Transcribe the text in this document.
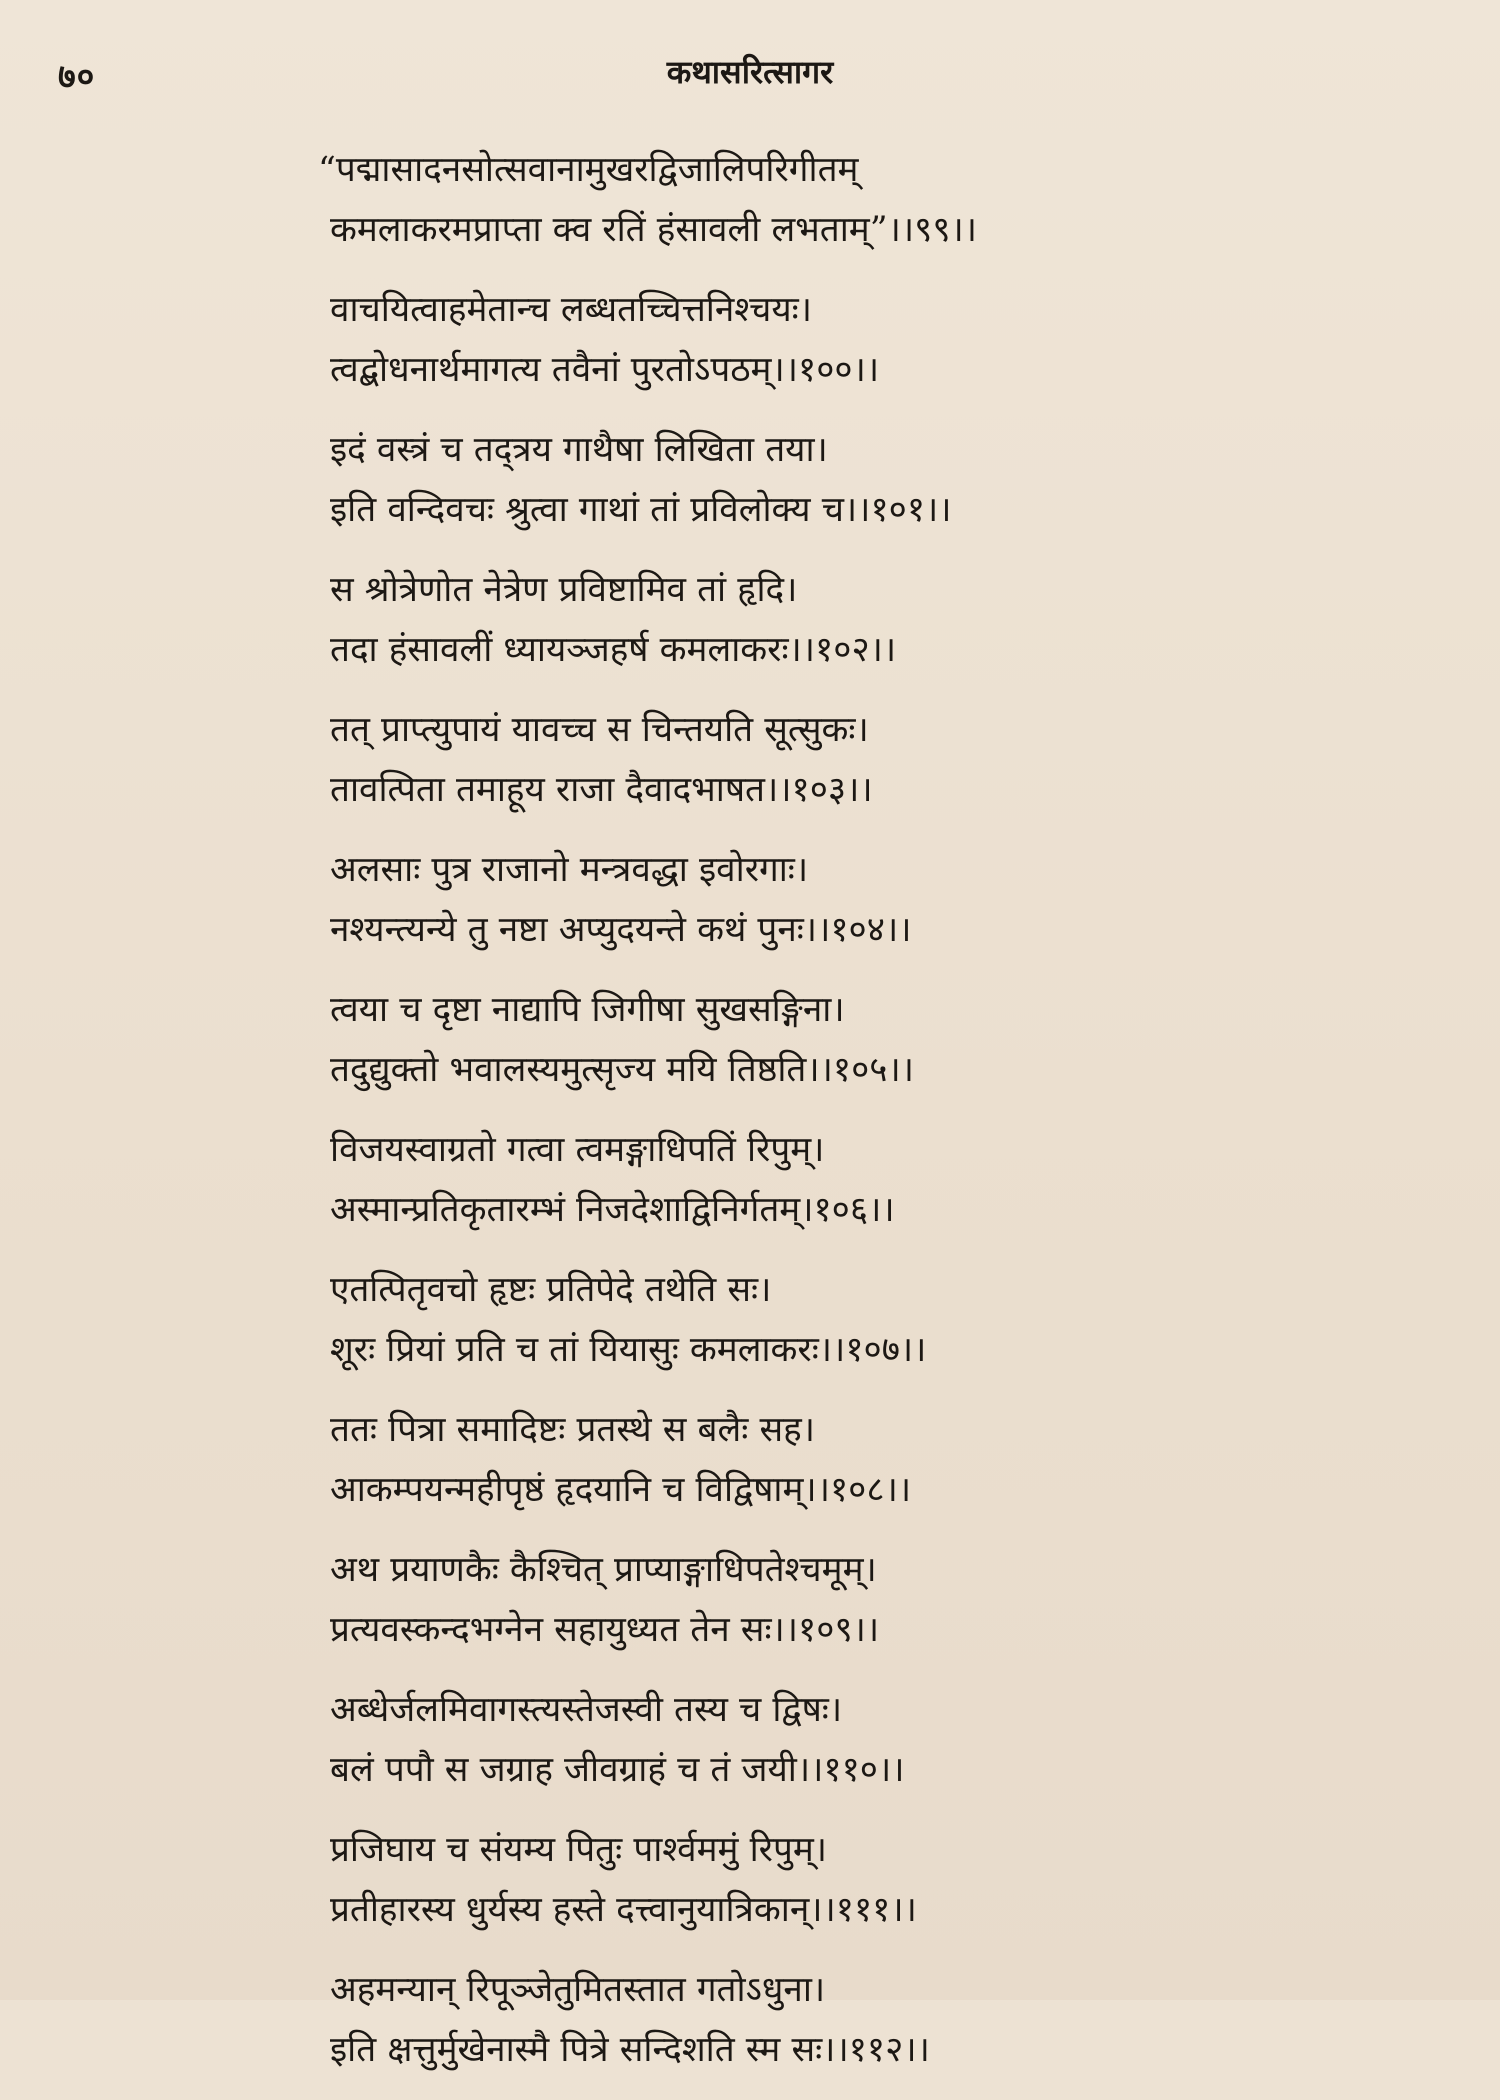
७०	कथासरित्सागर
“पद्मासादनसोत्सवानामुखरद्विजालिपरिगीतम्
कमलाकरमप्राप्ता क्व रतिं हंसावली लभताम्”।।९९।।
वाचयित्वाहमेतान्च लब्धतच्चित्तनिश्चयः।
त्वद्बोधनार्थमागत्य तवैनां पुरतोऽपठम्।।१००।।
इदं वस्त्रं च तद्त्रय गाथैषा लिखिता तया।
इति वन्दिवचः श्रुत्वा गाथां तां प्रविलोक्य च।।१०१।।
स श्रोत्रेणोत नेत्रेण प्रविष्टामिव तां हृदि।
तदा हंसावलीं ध्यायञ्जहर्ष कमलाकरः।।१०२।।
तत् प्राप्त्युपायं यावच्च स चिन्तयति सूत्सुकः।
तावत्पिता तमाहूय राजा दैवादभाषत।।१०३।।
अलसाः पुत्र राजानो मन्त्रवद्धा इवोरगाः।
नश्यन्त्यन्ये तु नष्टा अप्युदयन्ते कथं पुनः।।१०४।।
त्वया च दृष्टा नाद्यापि जिगीषा सुखसङ्गिना।
तदुद्युक्तो भवालस्यमुत्सृज्य मयि तिष्ठति।।१०५।।
विजयस्वाग्रतो गत्वा त्वमङ्गाधिपतिं रिपुम्।
अस्मान्प्रतिकृतारम्भं निजदेशाद्विनिर्गतम्।१०६।।
एतत्पितृवचो हृष्टः प्रतिपेदे तथेति सः।
शूरः प्रियां प्रति च तां यियासुः कमलाकरः।।१०७।।
ततः पित्रा समादिष्टः प्रतस्थे स बलैः सह।
आकम्पयन्महीपृष्ठं हृदयानि च विद्विषाम्।।१०८।।
अथ प्रयाणकैः कैश्चित् प्राप्याङ्गाधिपतेश्चमूम्।
प्रत्यवस्कन्दभग्नेन सहायुध्यत तेन सः।।१०९।।
अब्धेर्जलमिवागस्त्यस्तेजस्वी तस्य च द्विषः।
बलं पपौ स जग्राह जीवग्राहं च तं जयी।।११०।।
प्रजिघाय च संयम्य पितुः पार्श्वममुं रिपुम्।
प्रतीहारस्य धुर्यस्य हस्ते दत्त्वानुयात्रिकान्।।१११।।
अहमन्यान् रिपूञ्जेतुमितस्तात गतोऽधुना।
इति क्षत्तुर्मुखेनास्मै पित्रे सन्दिशति स्म सः।।११२।।
